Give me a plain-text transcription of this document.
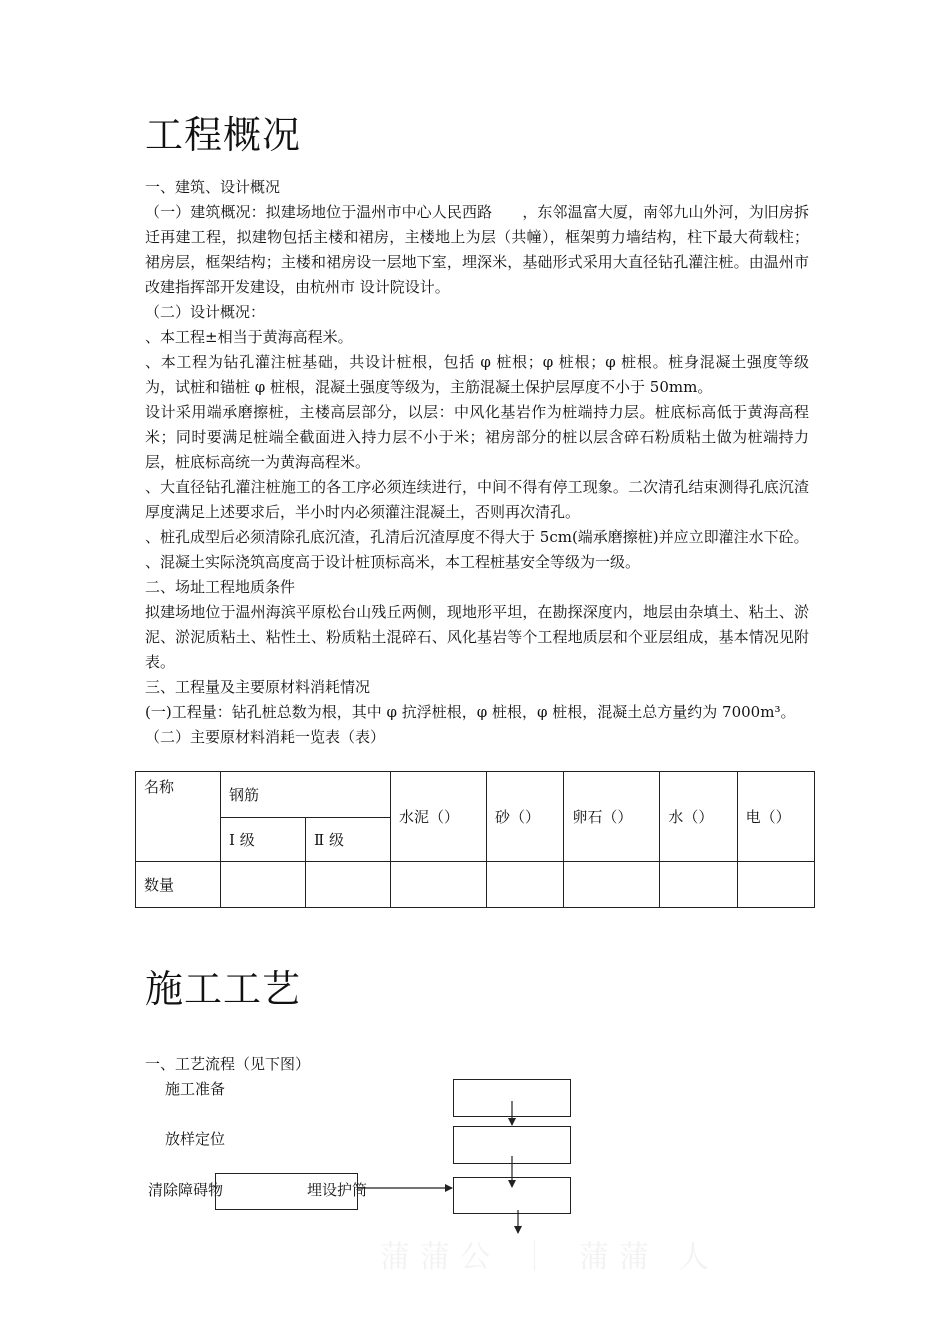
工程概况

一、建筑、设计概况

（一）建筑概况：拟建场地位于温州市中心人民西路　　，东邻温富大厦，南邻九山外河，为旧房拆迁再建工程，拟建物包括主楼和裙房，主楼地上为层（共幢），框架剪力墙结构，柱下最大荷载柱；裙房层，框架结构；主楼和裙房设一层地下室，埋深米，基础形式采用大直径钻孔灌注桩。由温州市 改建指挥部开发建设，由杭州市 设计院设计。

（二）设计概况：

、本工程±相当于黄海高程米。

、本工程为钻孔灌注桩基础，共设计桩根，包括 φ 桩根；φ 桩根；φ 桩根。桩身混凝土强度等级为，试桩和锚桩 φ 桩根，混凝土强度等级为，主筋混凝土保护层厚度不小于 50mm。

设计采用端承磨擦桩，主楼高层部分，以层：中风化基岩作为桩端持力层。桩底标高低于黄海高程米；同时要满足桩端全截面进入持力层不小于米；裙房部分的桩以层含碎石粉质粘土做为桩端持力层，桩底标高统一为黄海高程米。

、大直径钻孔灌注桩施工的各工序必须连续进行，中间不得有停工现象。二次清孔结束测得孔底沉渣厚度满足上述要求后，半小时内必须灌注混凝土，否则再次清孔。

、桩孔成型后必须清除孔底沉渣，孔清后沉渣厚度不得大于 5cm(端承磨擦桩)并应立即灌注水下砼。

、混凝土实际浇筑高度高于设计桩顶标高米，本工程桩基安全等级为一级。

二、场址工程地质条件

拟建场地位于温州海滨平原松台山残丘两侧，现地形平坦，在勘探深度内，地层由杂填土、粘土、淤泥、淤泥质粘土、粘性土、粉质粘土混碎石、风化基岩等个工程地质层和个亚层组成，基本情况见附表。

三、工程量及主要原材料消耗情况

(一)工程量：钻孔桩总数为根，其中 φ 抗浮桩根，φ 桩根，φ 桩根，混凝土总方量约为 7000m³。

（二）主要原材料消耗一览表（表）

名称	钢筋		水泥（）	砂（）	卵石（）	水（）	电（）
	Ⅰ 级	Ⅱ 级					
数量							
施工工艺

一、工艺流程（见下图）

施工准备
放样定位
清除障碍物	埋设护筒
蒲蒲公 ｜ 蒲蒲 人
